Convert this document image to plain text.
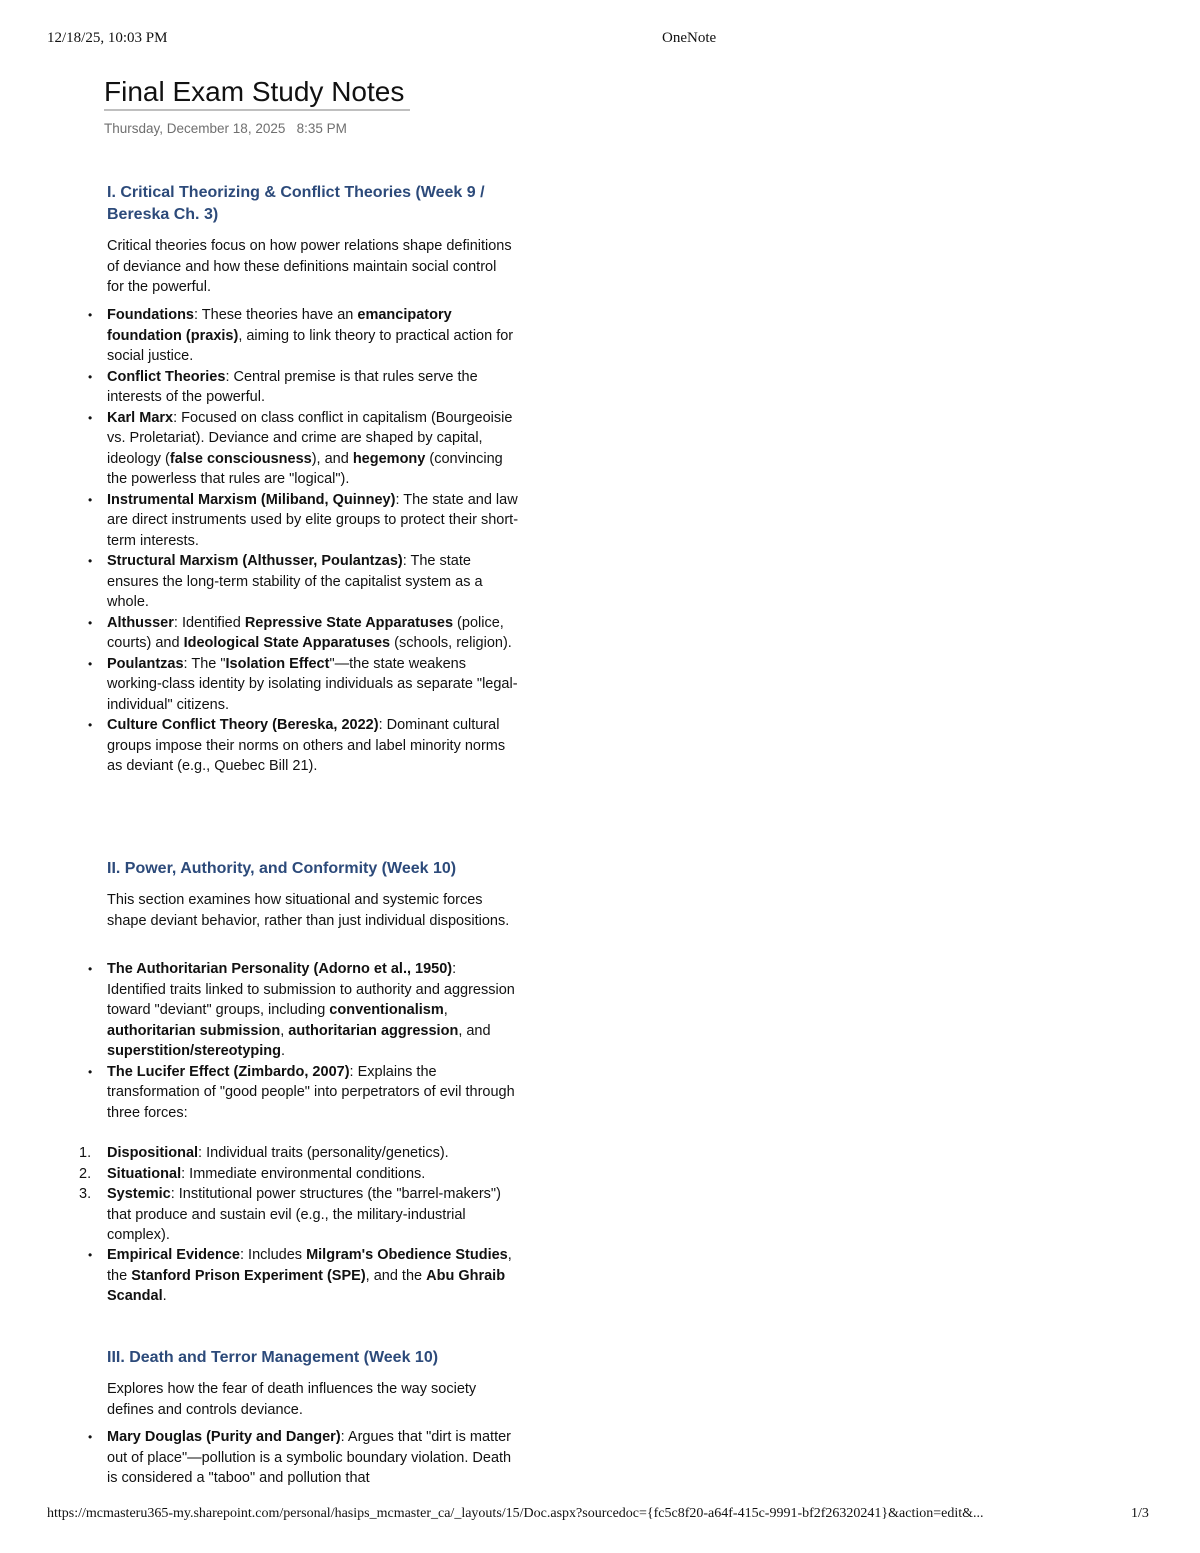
12/18/25, 10:03 PM	OneNote
Final Exam Study Notes
Thursday, December 18, 2025 8:35 PM
I. Critical Theorizing & Conflict Theories (Week 9 / Bereska Ch. 3)

Critical theories focus on how power relations shape definitions of deviance and how these definitions maintain social control for the powerful.

• Foundations: These theories have an emancipatory foundation (praxis), aiming to link theory to practical action for social justice.
• Conflict Theories: Central premise is that rules serve the interests of the powerful.
• Karl Marx: Focused on class conflict in capitalism (Bourgeoisie vs. Proletariat). Deviance and crime are shaped by capital, ideology (false consciousness), and hegemony (convincing the powerless that rules are "logical").
• Instrumental Marxism (Miliband, Quinney): The state and law are direct instruments used by elite groups to protect their short-term interests.
• Structural Marxism (Althusser, Poulantzas): The state ensures the long-term stability of the capitalist system as a whole.
• Althusser: Identified Repressive State Apparatuses (police, courts) and Ideological State Apparatuses (schools, religion).
• Poulantzas: The "Isolation Effect"—the state weakens working-class identity by isolating individuals as separate "legal-individual" citizens.
• Culture Conflict Theory (Bereska, 2022): Dominant cultural groups impose their norms on others and label minority norms as deviant (e.g., Quebec Bill 21).
II. Power, Authority, and Conformity (Week 10)

This section examines how situational and systemic forces shape deviant behavior, rather than just individual dispositions.

• The Authoritarian Personality (Adorno et al., 1950): Identified traits linked to submission to authority and aggression toward "deviant" groups, including conventionalism, authoritarian submission, authoritarian aggression, and superstition/stereotyping.
• The Lucifer Effect (Zimbardo, 2007): Explains the transformation of "good people" into perpetrators of evil through three forces:
1. Dispositional: Individual traits (personality/genetics).
2. Situational: Immediate environmental conditions.
3. Systemic: Institutional power structures (the "barrel-makers") that produce and sustain evil (e.g., the military-industrial complex).
• Empirical Evidence: Includes Milgram's Obedience Studies, the Stanford Prison Experiment (SPE), and the Abu Ghraib Scandal.
III. Death and Terror Management (Week 10)

Explores how the fear of death influences the way society defines and controls deviance.

• Mary Douglas (Purity and Danger): Argues that "dirt is matter out of place"—pollution is a symbolic boundary violation. Death is considered a "taboo" and pollution that
https://mcmasteru365-my.sharepoint.com/personal/hasips_mcmaster_ca/_layouts/15/Doc.aspx?sourcedoc={fc5c8f20-a64f-415c-9991-bf2f26320241}&action=edit&...	1/3
